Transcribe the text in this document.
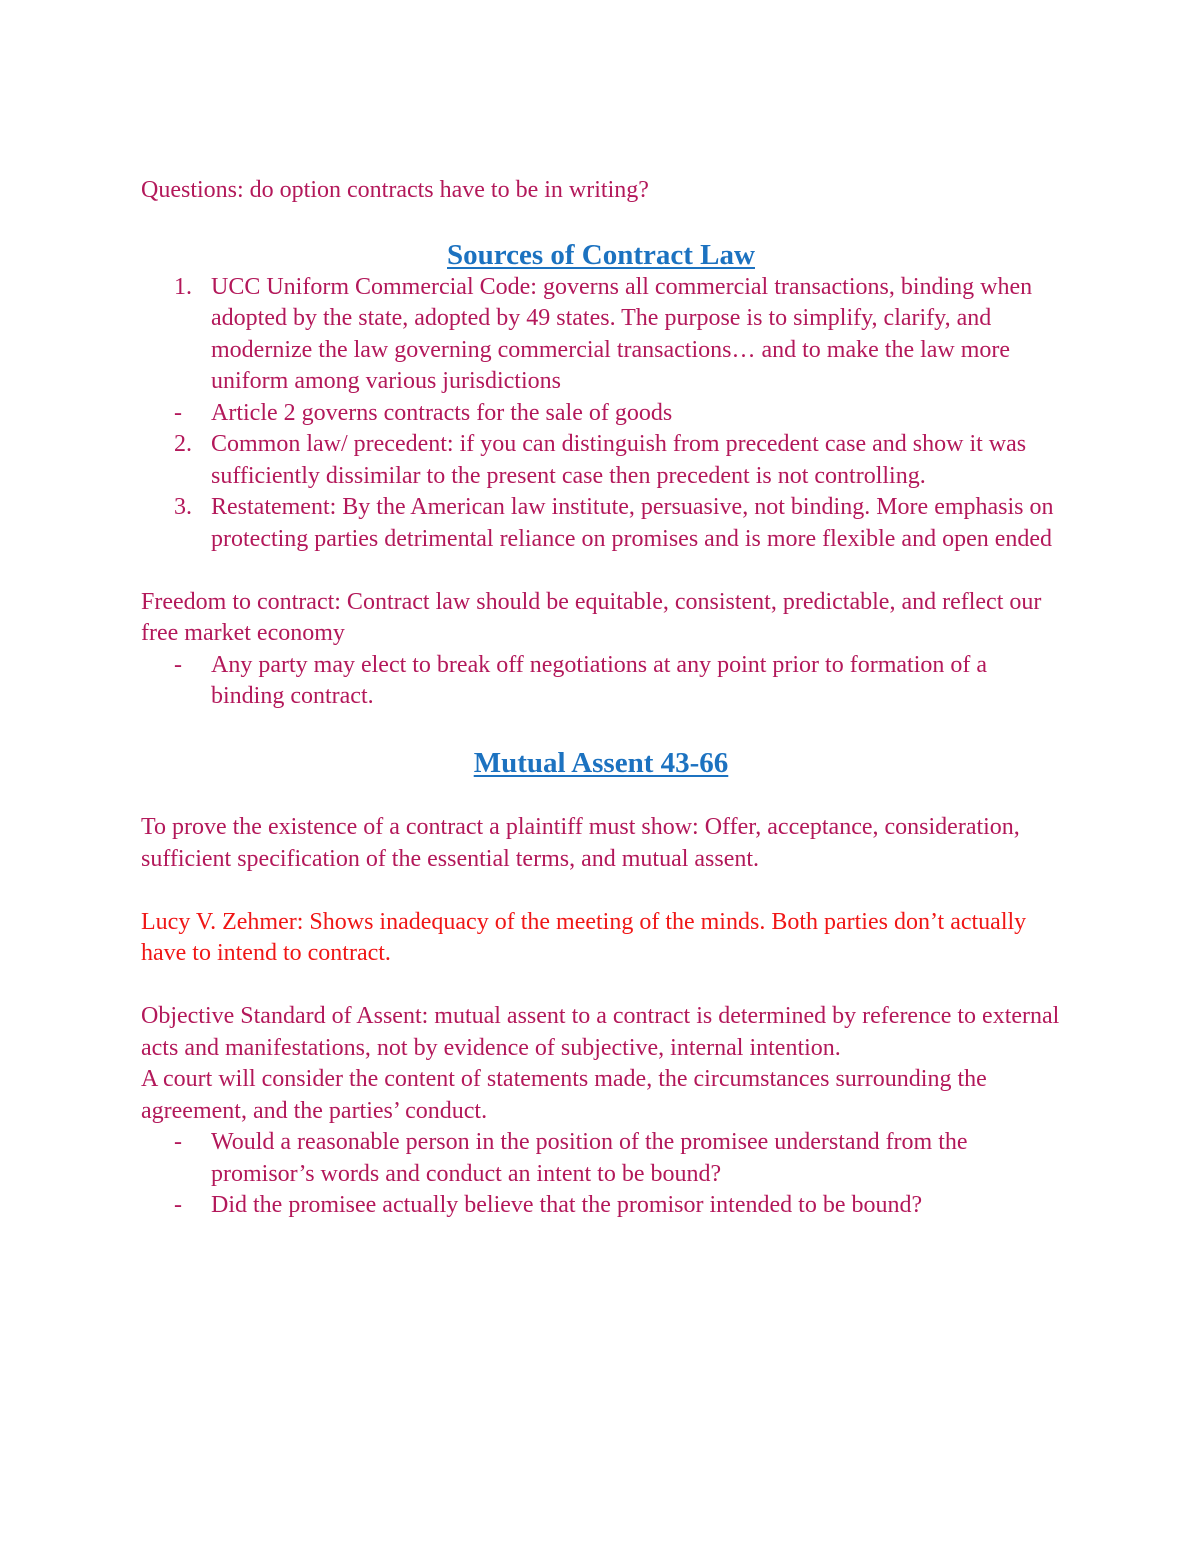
Questions: do option contracts have to be in writing?

Sources of Contract Law
1. UCC Uniform Commercial Code: governs all commercial transactions, binding when adopted by the state, adopted by 49 states. The purpose is to simplify, clarify, and modernize the law governing commercial transactions… and to make the law more uniform among various jurisdictions
-	Article 2 governs contracts for the sale of goods
2. Common law/ precedent: if you can distinguish from precedent case and show it was sufficiently dissimilar to the present case then precedent is not controlling.
3. Restatement: By the American law institute, persuasive, not binding. More emphasis on protecting parties detrimental reliance on promises and is more flexible and open ended

Freedom to contract: Contract law should be equitable, consistent, predictable, and reflect our free market economy

-	Any party may elect to break off negotiations at any point prior to formation of a binding contract.
Mutual Assent 43-66

To prove the existence of a contract a plaintiff must show: Offer, acceptance, consideration, sufficient specification of the essential terms, and mutual assent.

Lucy V. Zehmer: Shows inadequacy of the meeting of the minds. Both parties don’t actually have to intend to contract.

Objective Standard of Assent: mutual assent to a contract is determined by reference to external acts and manifestations, not by evidence of subjective, internal intention.

A court will consider the content of statements made, the circumstances surrounding the agreement, and the parties’ conduct.

-	Would a reasonable person in the position of the promisee understand from the promisor’s words and conduct an intent to be bound?
-	Did the promisee actually believe that the promisor intended to be bound?
